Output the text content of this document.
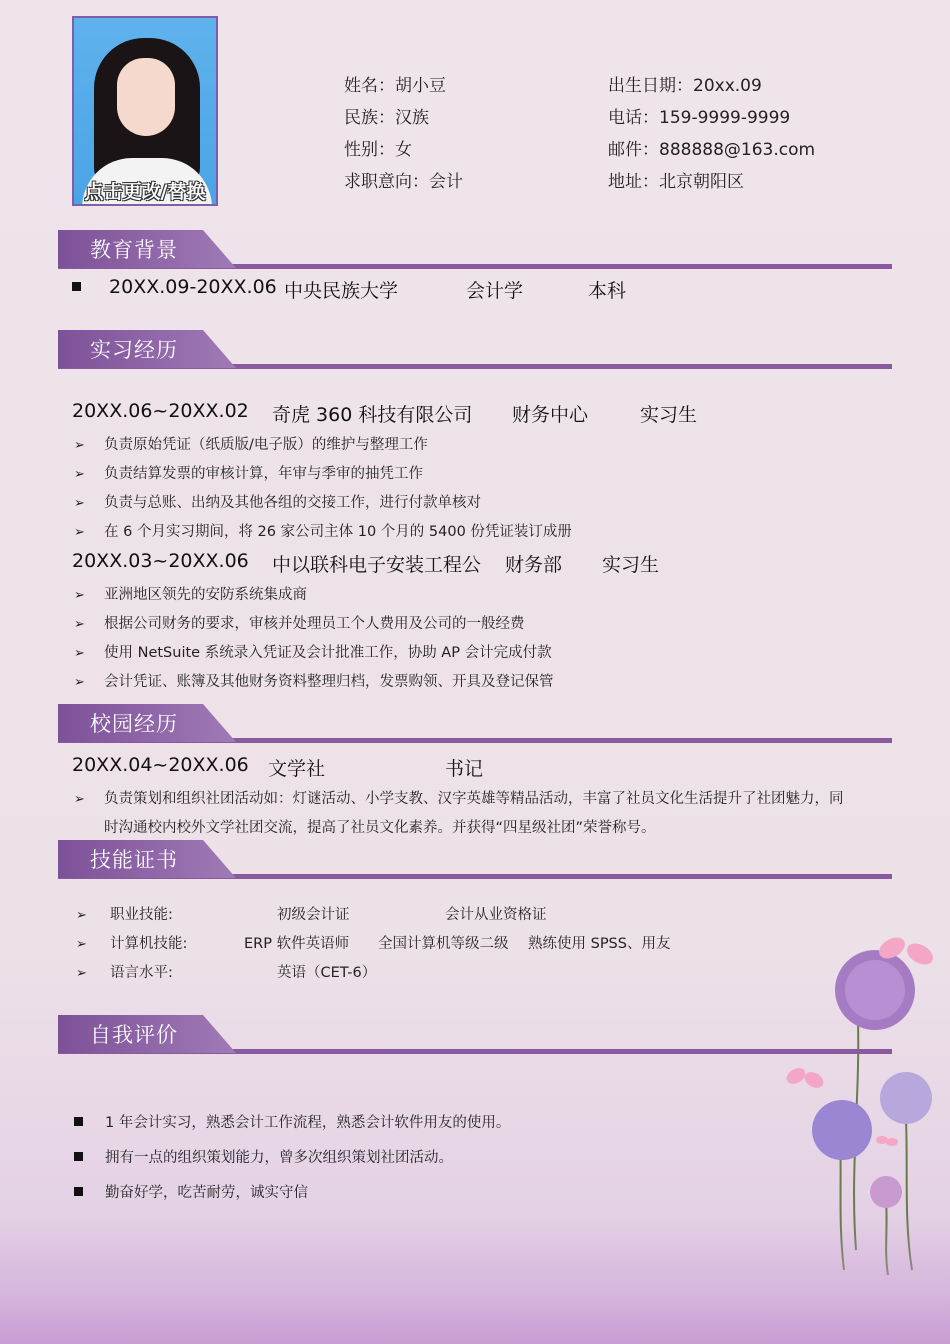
点击更改/替换
姓名：胡小豆
民族：汉族
性别：女
求职意向：会计
出生日期：20xx.09
电话：159-9999-9999
邮件：888888@163.com
地址：北京朝阳区
教育背景
20XX.09-20XX.06 中央民族大学	会计学	本科
实习经历
20XX.06~20XX.02 奇虎 360 科技有限公司 财务中心	实习生
➢ 负责原始凭证（纸质版/电子版）的维护与整理工作
➢ 负责结算发票的审核计算，年审与季审的抽凭工作
➢ 负责与总账、出纳及其他各组的交接工作，进行付款单核对
➢ 在 6 个月实习期间，将 26 家公司主体 10 个月的 5400 份凭证装订成册
20XX.03~20XX.06 中以联科电子安装工程公 财务部 实习生
➢ 亚洲地区领先的安防系统集成商
➢ 根据公司财务的要求，审核并处理员工个人费用及公司的一般经费
➢ 使用 NetSuite 系统录入凭证及会计批准工作，协助 AP 会计完成付款
➢ 会计凭证、账簿及其他财务资料整理归档，发票购领、开具及登记保管
校园经历
20XX.04~20XX.06 文学社	书记
➢ 负责策划和组织社团活动如：灯谜活动、小学支教、汉字英雄等精品活动，丰富了社员文化生活提升了社团魅力，同
时沟通校内校外文学社团交流，提高了社员文化素养。并获得“四星级社团”荣誉称号。
技能证书
➢ 职业技能:	初级会计证	会计从业资格证
➢ 计算机技能:	ERP 软件英语师 全国计算机等级二级 熟练使用 SPSS、用友
➢ 语言水平:	英语（CET-6）
自我评价
1 年会计实习，熟悉会计工作流程，熟悉会计软件用友的使用。
拥有一点的组织策划能力，曾多次组织策划社团活动。
勤奋好学，吃苦耐劳，诚实守信
